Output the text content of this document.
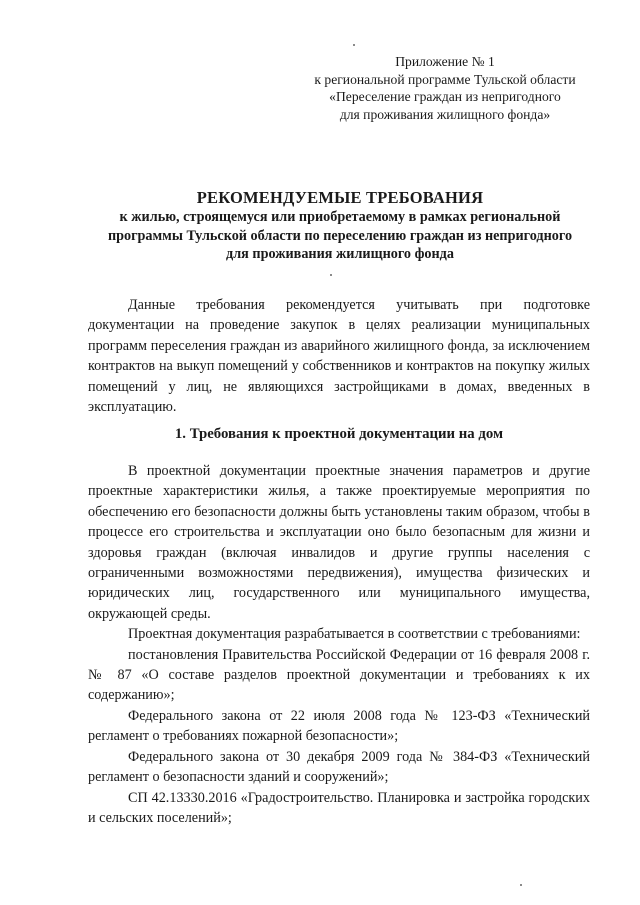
Приложение № 1
к региональной программе Тульской области
«Переселение граждан из непригодного
для проживания жилищного фонда»
РЕКОМЕНДУЕМЫЕ ТРЕБОВАНИЯ
к жилью, строящемуся или приобретаемому в рамках региональной
программы Тульской области по переселению граждан из непригодного
для проживания жилищного фонда

Данные требования рекомендуется учитывать при подготовке документации на проведение закупок в целях реализации муниципальных программ переселения граждан из аварийного жилищного фонда, за исключением контрактов на выкуп помещений у собственников и контрактов на покупку жилых помещений у лиц, не являющихся застройщиками в домах, введенных в эксплуатацию.

1. Требования к проектной документации на дом

В проектной документации проектные значения параметров и другие проектные характеристики жилья, а также проектируемые мероприятия по обеспечению его безопасности должны быть установлены таким образом, чтобы в процессе его строительства и эксплуатации оно было безопасным для жизни и здоровья граждан (включая инвалидов и другие группы населения с ограниченными возможностями передвижения), имущества физических и юридических лиц, государственного или муниципального имущества, окружающей среды.

Проектная документация разрабатывается в соответствии с требованиями:

постановления Правительства Российской Федерации от 16 февраля 2008 г. № 87 «О составе разделов проектной документации и требованиях к их содержанию»;

Федерального закона от 22 июля 2008 года № 123-ФЗ «Технический регламент о требованиях пожарной безопасности»;

Федерального закона от 30 декабря 2009 года № 384-ФЗ «Технический регламент о безопасности зданий и сооружений»;

СП 42.13330.2016 «Градостроительство. Планировка и застройка городских и сельских поселений»;
